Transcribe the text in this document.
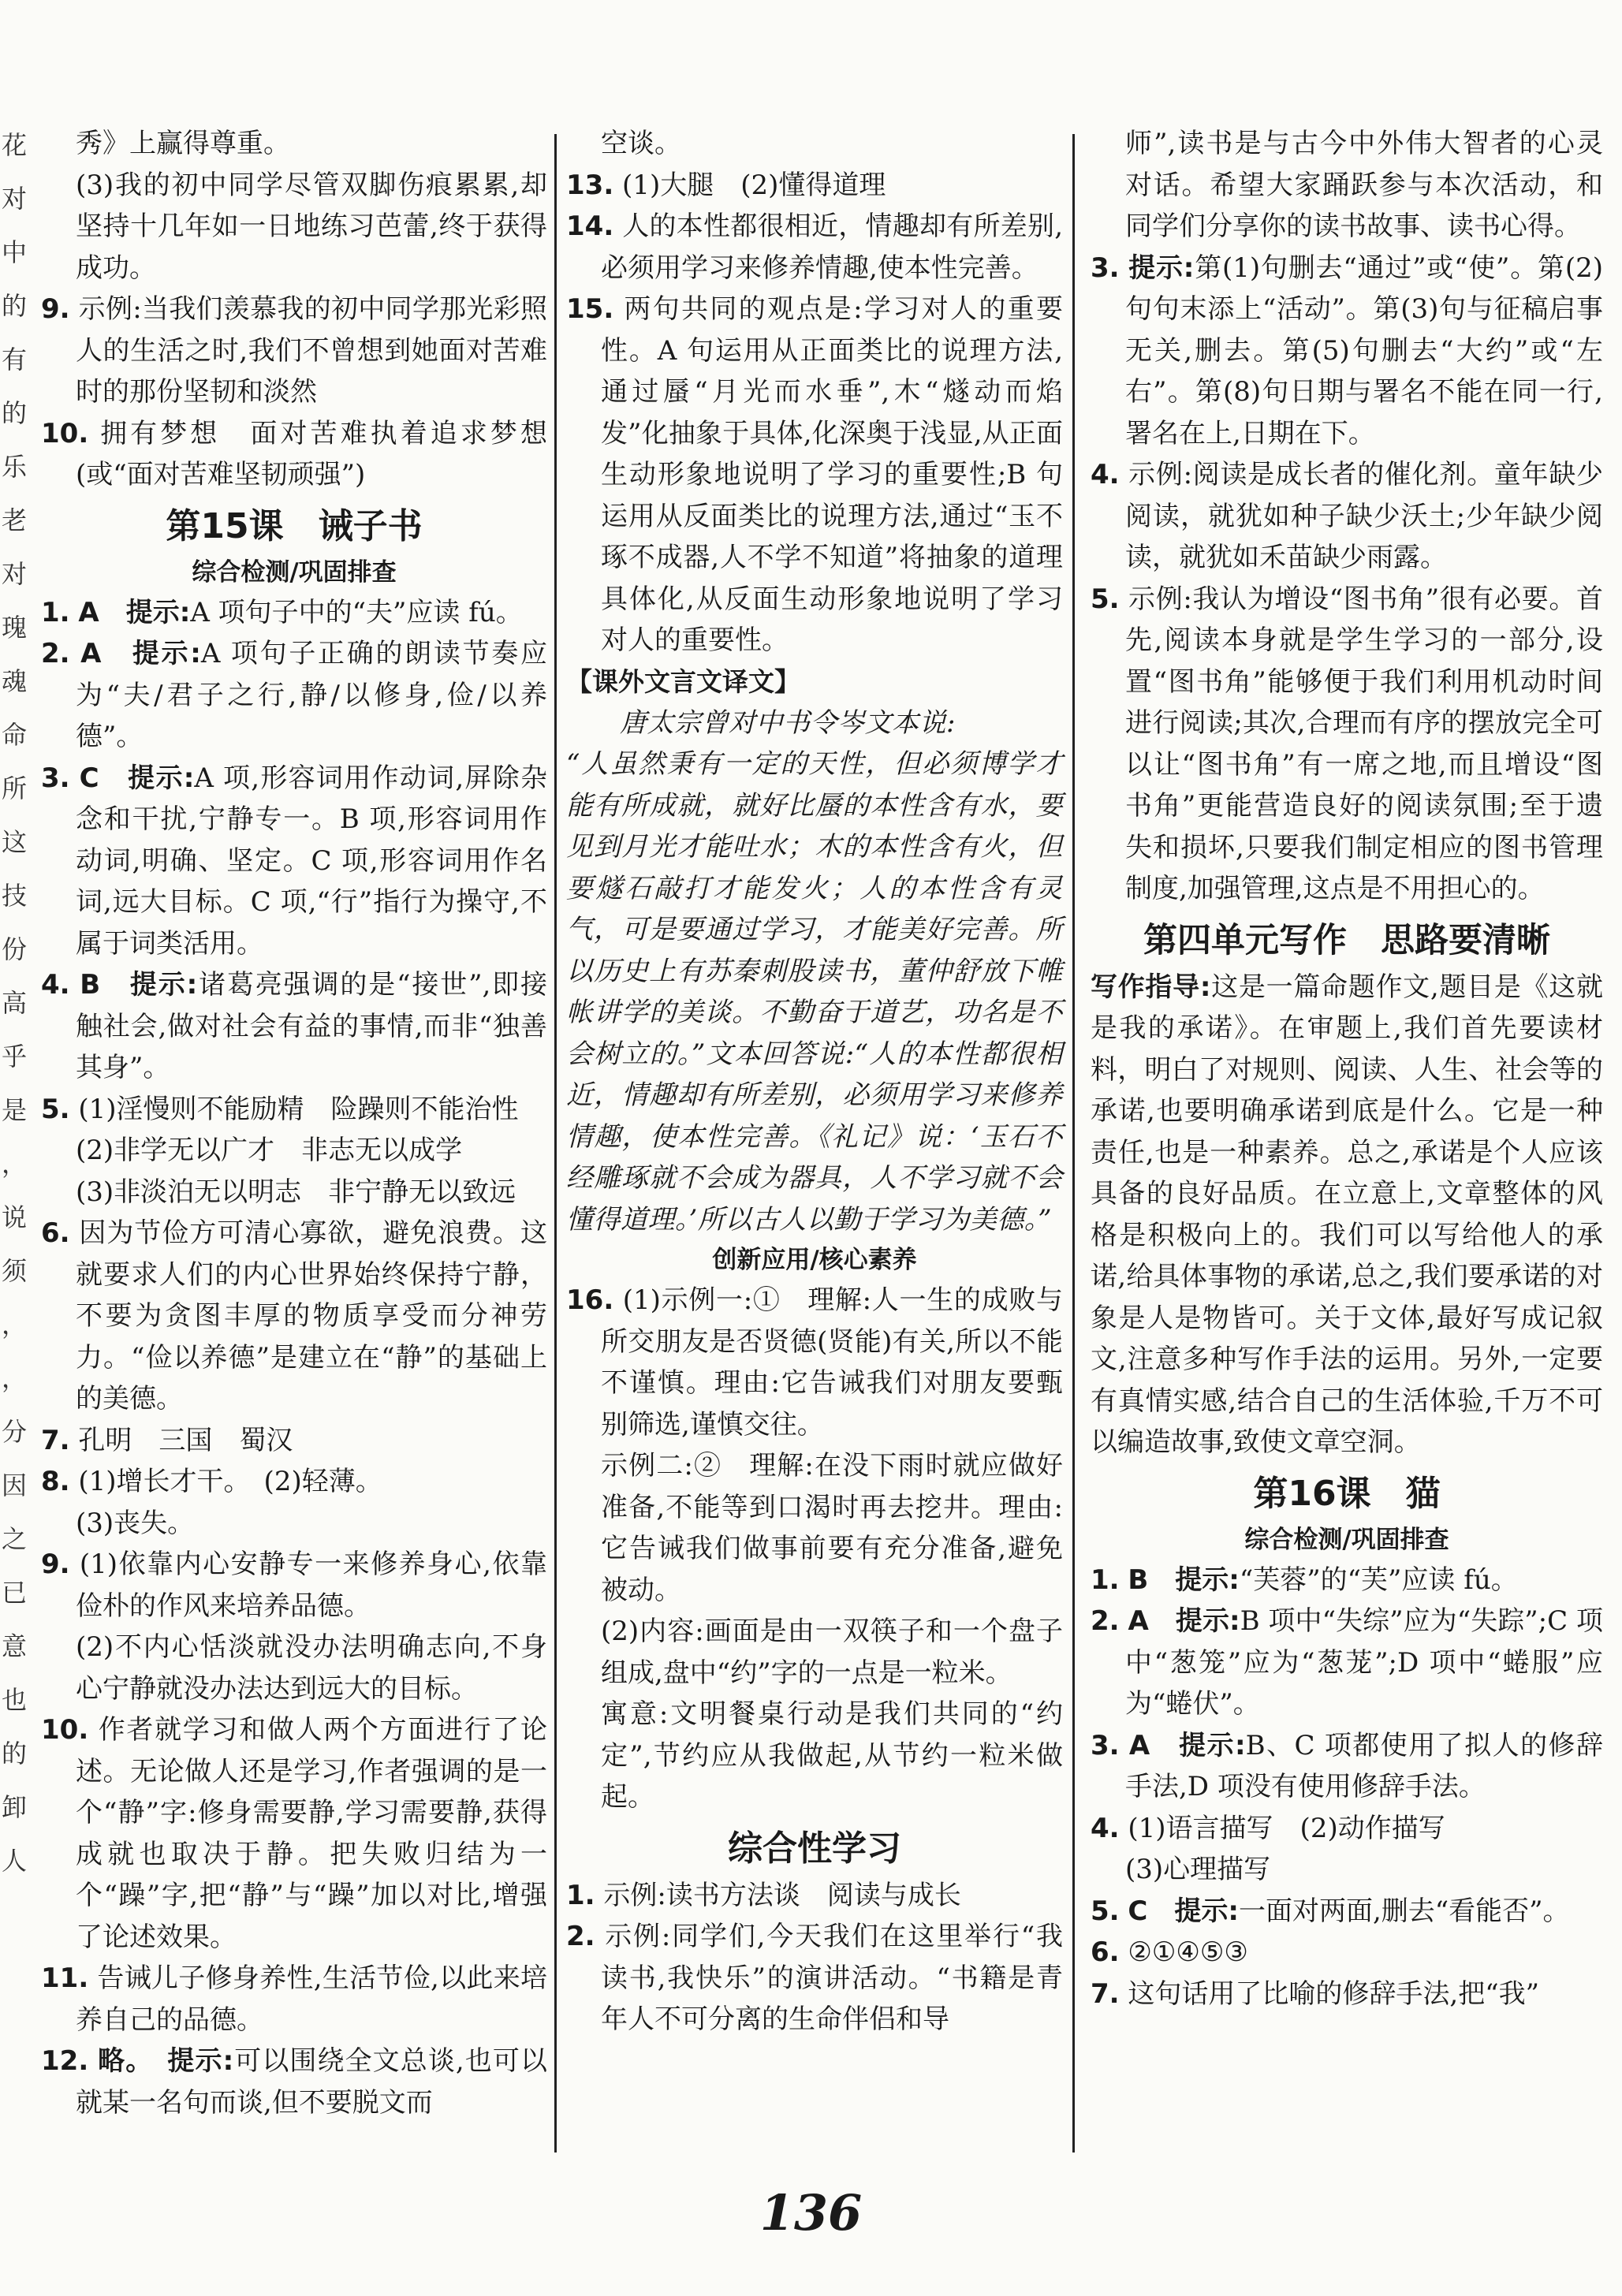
花
对
中
的
有
的
乐
老
对
瑰
魂
命
所
这
技
份
高
乎
是
，
说
须
，
，
分
因
之
已
意
也
的
卸
人

秀》上赢得尊重。

(3)我的初中同学尽管双脚伤痕累累,却坚持十几年如一日地练习芭蕾,终于获得成功。

9. 示例:当我们羡慕我的初中同学那光彩照人的生活之时,我们不曾想到她面对苦难时的那份坚韧和淡然

10. 拥有梦想　面对苦难执着追求梦想(或“面对苦难坚韧顽强”)

第15课　诫子书

综合检测/巩固排查

1. A　提示:A 项句子中的“夫”应读 fú。

2. A　提示:A 项句子正确的朗读节奏应为“夫/君子之行,静/以修身,俭/以养德”。

3. C　提示:A 项,形容词用作动词,屏除杂念和干扰,宁静专一。B 项,形容词用作动词,明确、坚定。C 项,形容词用作名词,远大目标。C 项,“行”指行为操守,不属于词类活用。

4. B　提示:诸葛亮强调的是“接世”,即接触社会,做对社会有益的事情,而非“独善其身”。

5. (1)淫慢则不能励精　险躁则不能治性

(2)非学无以广才　非志无以成学

(3)非淡泊无以明志　非宁静无以致远

6. 因为节俭方可清心寡欲，避免浪费。这就要求人们的内心世界始终保持宁静，不要为贪图丰厚的物质享受而分神劳力。“俭以养德”是建立在“静”的基础上的美德。

7. 孔明　三国　蜀汉

8. (1)增长才干。　(2)轻薄。

(3)丧失。

9. (1)依靠内心安静专一来修养身心,依靠俭朴的作风来培养品德。

(2)不内心恬淡就没办法明确志向,不身心宁静就没办法达到远大的目标。

10. 作者就学习和做人两个方面进行了论述。无论做人还是学习,作者强调的是一个“静”字:修身需要静,学习需要静,获得成就也取决于静。把失败归结为一个“躁”字,把“静”与“躁”加以对比,增强了论述效果。

11. 告诫儿子修身养性,生活节俭,以此来培养自己的品德。

12. 略。　提示:可以围绕全文总谈,也可以就某一名句而谈,但不要脱文而

空谈。

13. (1)大腿　(2)懂得道理

14. 人的本性都很相近，情趣却有所差别,必须用学习来修养情趣,使本性完善。

15. 两句共同的观点是:学习对人的重要性。A 句运用从正面类比的说理方法,通过蜃“月光而水垂”,木“燧动而焰发”化抽象于具体,化深奥于浅显,从正面生动形象地说明了学习的重要性;B 句运用从反面类比的说理方法,通过“玉不琢不成器,人不学不知道”将抽象的道理具体化,从反面生动形象地说明了学习对人的重要性。

【课外文言文译文】

唐太宗曾对中书令岑文本说:

“人虽然秉有一定的天性，但必须博学才能有所成就，就好比蜃的本性含有水，要见到月光才能吐水；木的本性含有火，但要燧石敲打才能发火；人的本性含有灵气，可是要通过学习，才能美好完善。所以历史上有苏秦刺股读书，董仲舒放下帷帐讲学的美谈。不勤奋于道艺，功名是不会树立的。”文本回答说:“人的本性都很相近，情趣却有所差别，必须用学习来修养情趣，使本性完善。《礼记》说：‘玉石不经雕琢就不会成为器具，人不学习就不会懂得道理。’所以古人以勤于学习为美德。”

创新应用/核心素养

16. (1)示例一:①　理解:人一生的成败与所交朋友是否贤德(贤能)有关,所以不能不谨慎。理由:它告诫我们对朋友要甄别筛选,谨慎交往。

示例二:②　理解:在没下雨时就应做好准备,不能等到口渴时再去挖井。理由:它告诫我们做事前要有充分准备,避免被动。

(2)内容:画面是由一双筷子和一个盘子组成,盘中“约”字的一点是一粒米。

寓意:文明餐桌行动是我们共同的“约定”,节约应从我做起,从节约一粒米做起。

综合性学习

1. 示例:读书方法谈　阅读与成长

2. 示例:同学们,今天我们在这里举行“我读书,我快乐”的演讲活动。“书籍是青年人不可分离的生命伴侣和导

师”,读书是与古今中外伟大智者的心灵对话。希望大家踊跃参与本次活动，和同学们分享你的读书故事、读书心得。

3. 提示:第(1)句删去“通过”或“使”。第(2)句句末添上“活动”。第(3)句与征稿启事无关,删去。第(5)句删去“大约”或“左右”。第(8)句日期与署名不能在同一行,署名在上,日期在下。

4. 示例:阅读是成长者的催化剂。童年缺少阅读，就犹如种子缺少沃土;少年缺少阅读，就犹如禾苗缺少雨露。

5. 示例:我认为增设“图书角”很有必要。首先,阅读本身就是学生学习的一部分,设置“图书角”能够便于我们利用机动时间进行阅读;其次,合理而有序的摆放完全可以让“图书角”有一席之地,而且增设“图书角”更能营造良好的阅读氛围;至于遗失和损坏,只要我们制定相应的图书管理制度,加强管理,这点是不用担心的。

第四单元写作　思路要清晰

写作指导:这是一篇命题作文,题目是《这就是我的承诺》。在审题上,我们首先要读材料，明白了对规则、阅读、人生、社会等的承诺,也要明确承诺到底是什么。它是一种责任,也是一种素养。总之,承诺是个人应该具备的良好品质。在立意上,文章整体的风格是积极向上的。我们可以写给他人的承诺,给具体事物的承诺,总之,我们要承诺的对象是人是物皆可。关于文体,最好写成记叙文,注意多种写作手法的运用。另外,一定要有真情实感,结合自己的生活体验,千万不可以编造故事,致使文章空洞。

第16课　猫

综合检测/巩固排查

1. B　提示:“芙蓉”的“芙”应读 fú。

2. A　提示:B 项中“失综”应为“失踪”;C 项中“葱笼”应为“葱茏”;D 项中“蜷服”应为“蜷伏”。

3. A　提示:B、C 项都使用了拟人的修辞手法,D 项没有使用修辞手法。

4. (1)语言描写　(2)动作描写

(3)心理描写

5. C　提示:一面对两面,删去“看能否”。

6. ②①④⑤③

7. 这句话用了比喻的修辞手法,把“我”

136
